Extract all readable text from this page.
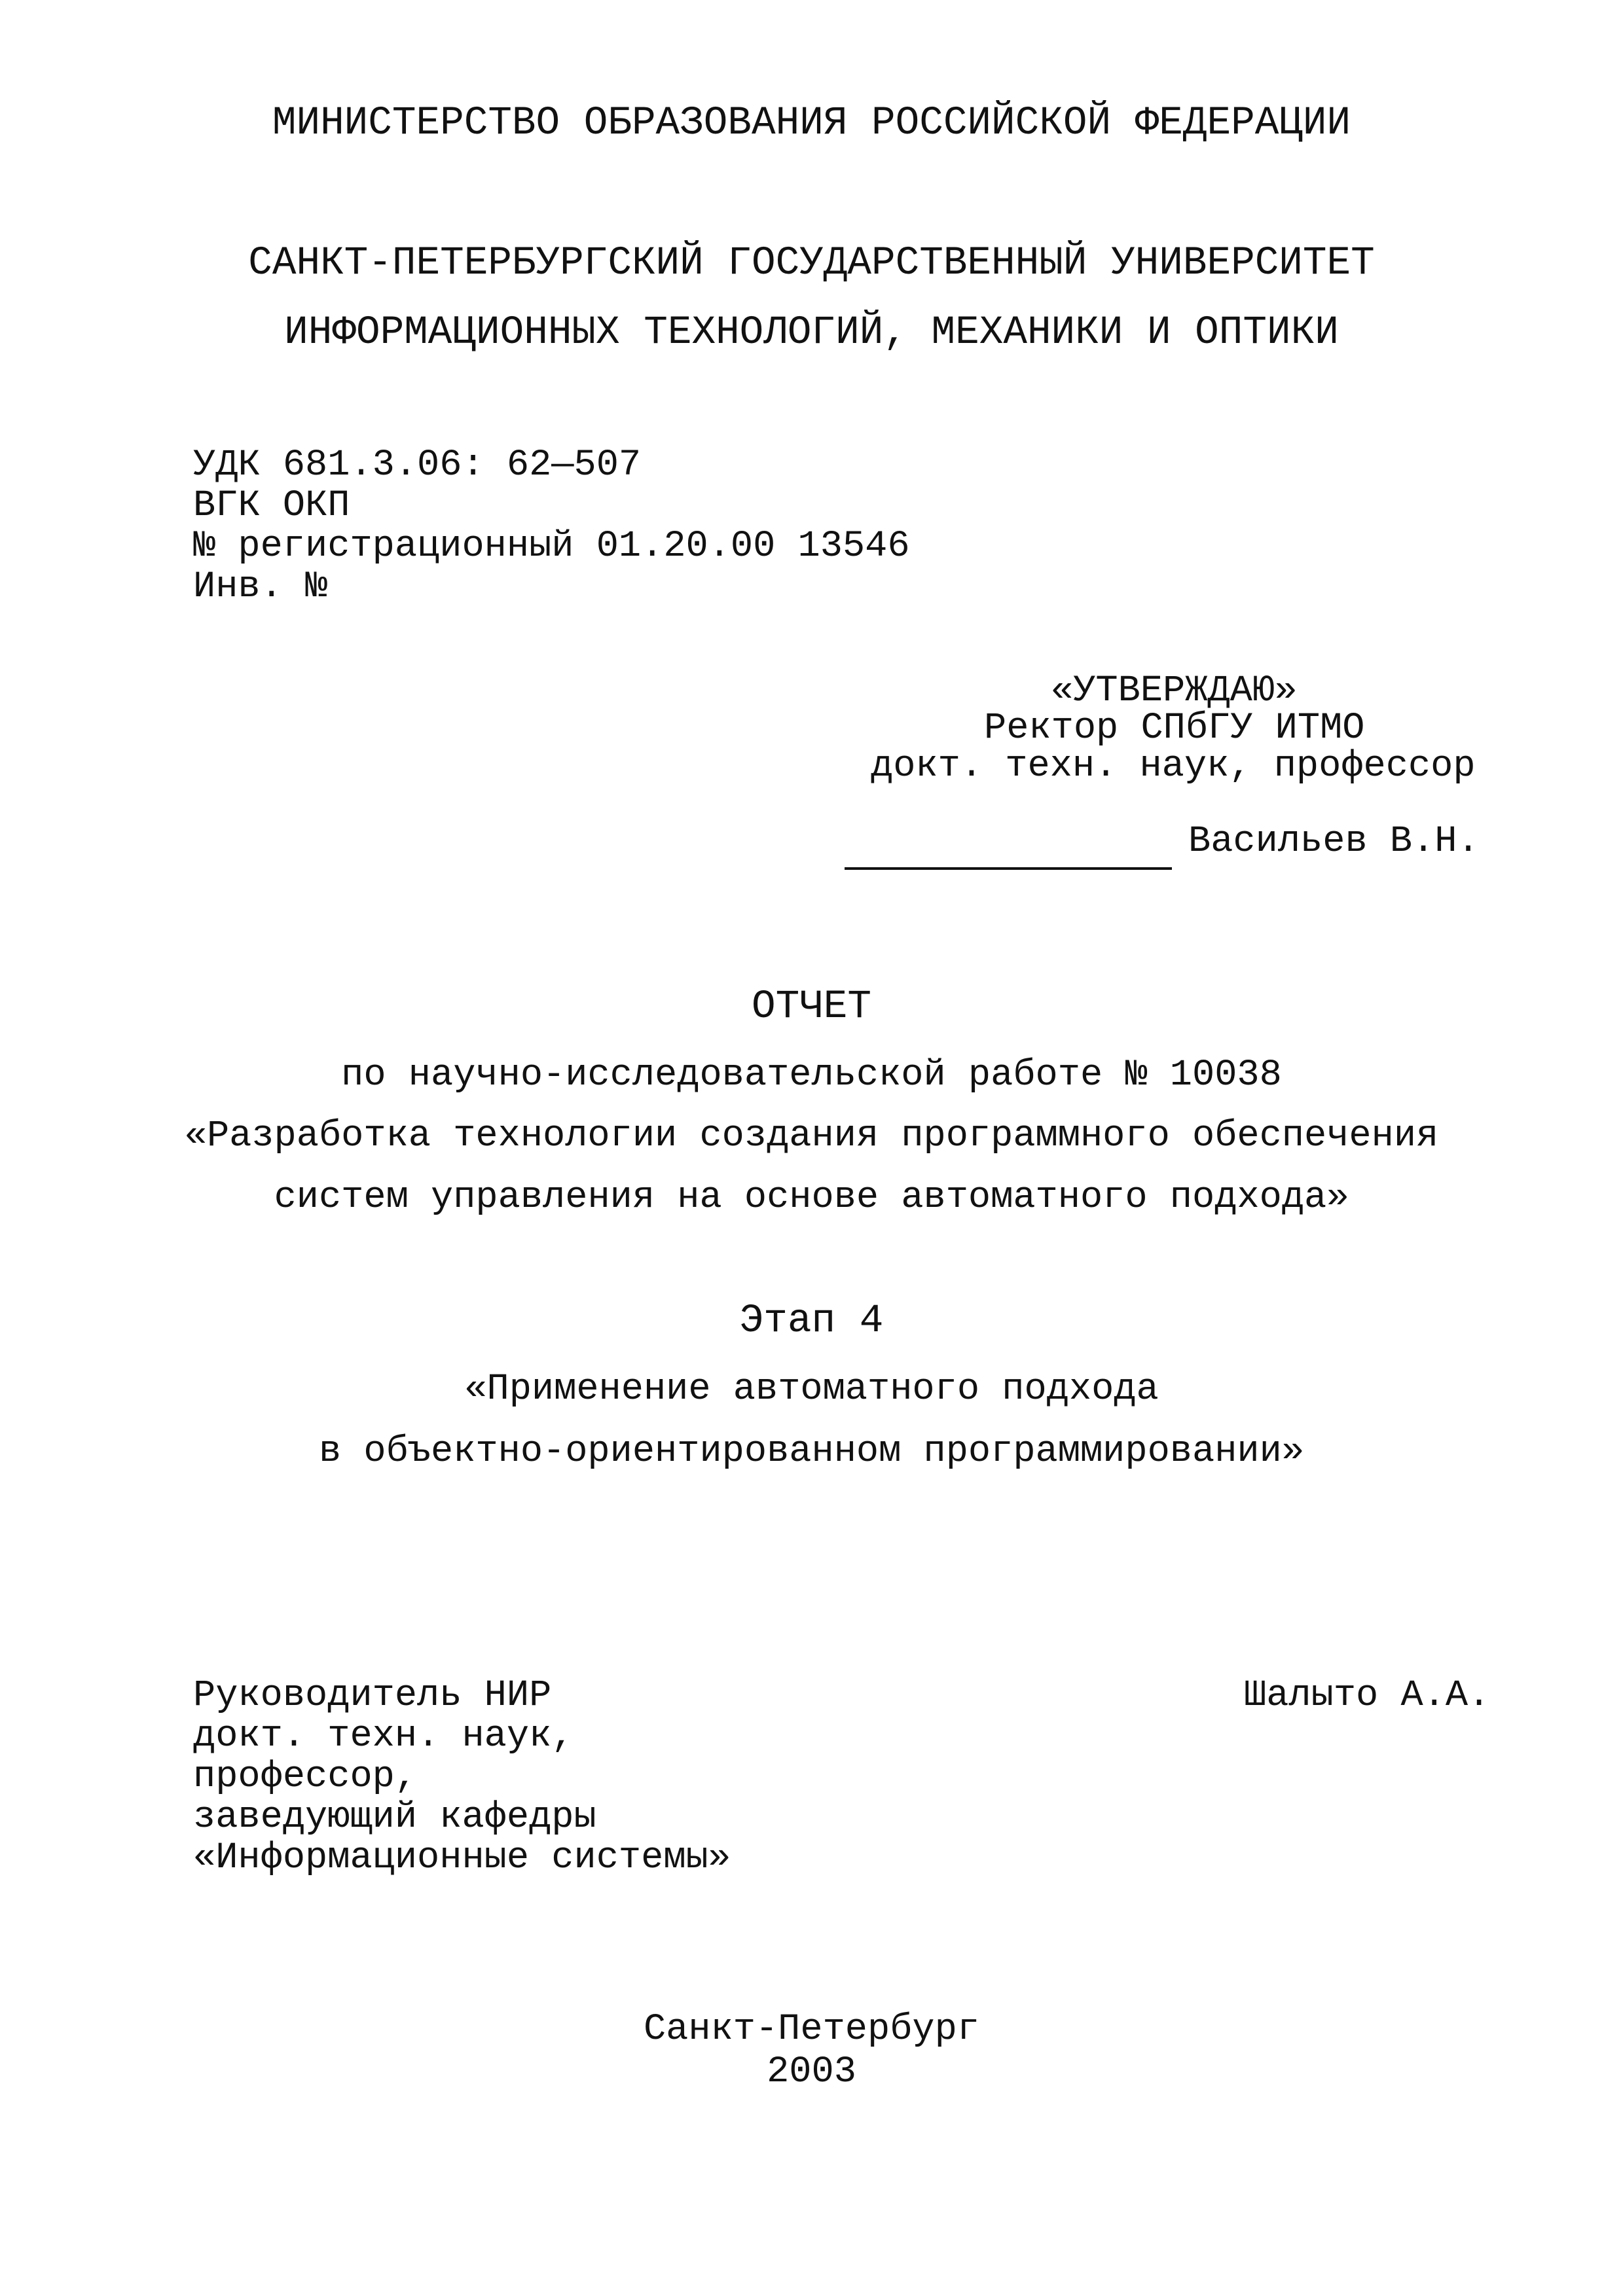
МИНИСТЕРСТВО ОБРАЗОВАНИЯ РОССИЙСКОЙ ФЕДЕРАЦИИ
САНКТ-ПЕТЕРБУРГСКИЙ ГОСУДАРСТВЕННЫЙ УНИВЕРСИТЕТ
ИНФОРМАЦИОННЫХ ТЕХНОЛОГИЙ, МЕХАНИКИ И ОПТИКИ
УДК 681.3.06: 62—507
ВГК ОКП
№ регистрационный 01.20.00 13546
Инв. №
«УТВЕРЖДАЮ»
Ректор СПбГУ ИТМО
докт. техн. наук, профессор
Васильев В.Н.
ОТЧЕТ
по научно-исследовательской работе № 10038
«Разработка технологии создания программного обеспечения
систем управления на основе автоматного подхода»
Этап 4
«Применение автоматного подхода
в объектно-ориентированном программировании»
Руководитель НИР	Шалыто А.А.
докт. техн. наук,
профессор,
заведующий кафедры
«Информационные системы»
Санкт-Петербург
2003
